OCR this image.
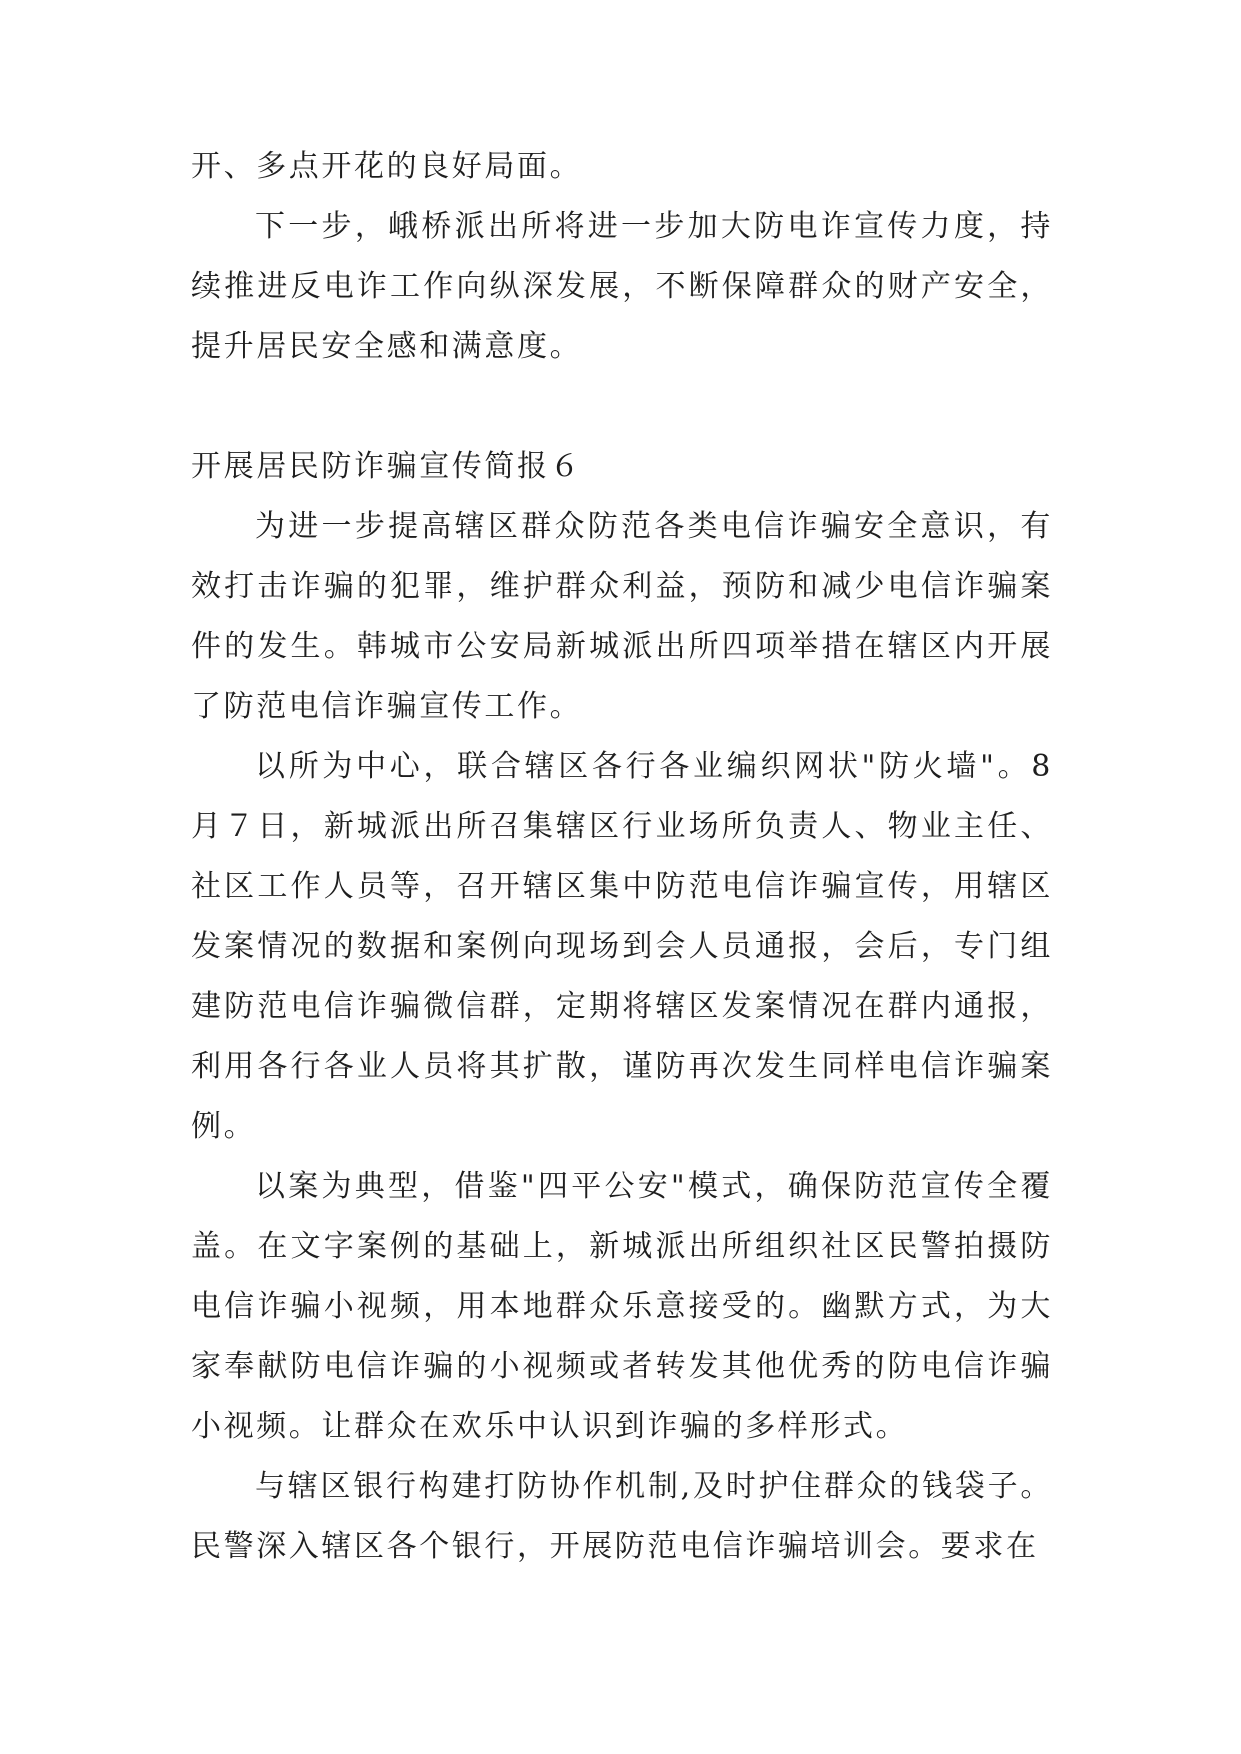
开、多点开花的良好局面。

下一步，峨桥派出所将进一步加大防电诈宣传力度，持续推进反电诈工作向纵深发展，不断保障群众的财产安全，提升居民安全感和满意度。

开展居民防诈骗宣传简报６

为进一步提高辖区群众防范各类电信诈骗安全意识，有效打击诈骗的犯罪，维护群众利益，预防和减少电信诈骗案件的发生。韩城市公安局新城派出所四项举措在辖区内开展了防范电信诈骗宣传工作。

以所为中心，联合辖区各行各业编织网状"防火墙"。8月７日，新城派出所召集辖区行业场所负责人、物业主任、社区工作人员等，召开辖区集中防范电信诈骗宣传，用辖区发案情况的数据和案例向现场到会人员通报，会后，专门组建防范电信诈骗微信群，定期将辖区发案情况在群内通报，利用各行各业人员将其扩散，谨防再次发生同样电信诈骗案例。

以案为典型，借鉴"四平公安"模式，确保防范宣传全覆盖。在文字案例的基础上，新城派出所组织社区民警拍摄防电信诈骗小视频，用本地群众乐意接受的。幽默方式，为大家奉献防电信诈骗的小视频或者转发其他优秀的防电信诈骗小视频。让群众在欢乐中认识到诈骗的多样形式。

与辖区银行构建打防协作机制,及时护住群众的钱袋子。民警深入辖区各个银行，开展防范电信诈骗培训会。要求在
